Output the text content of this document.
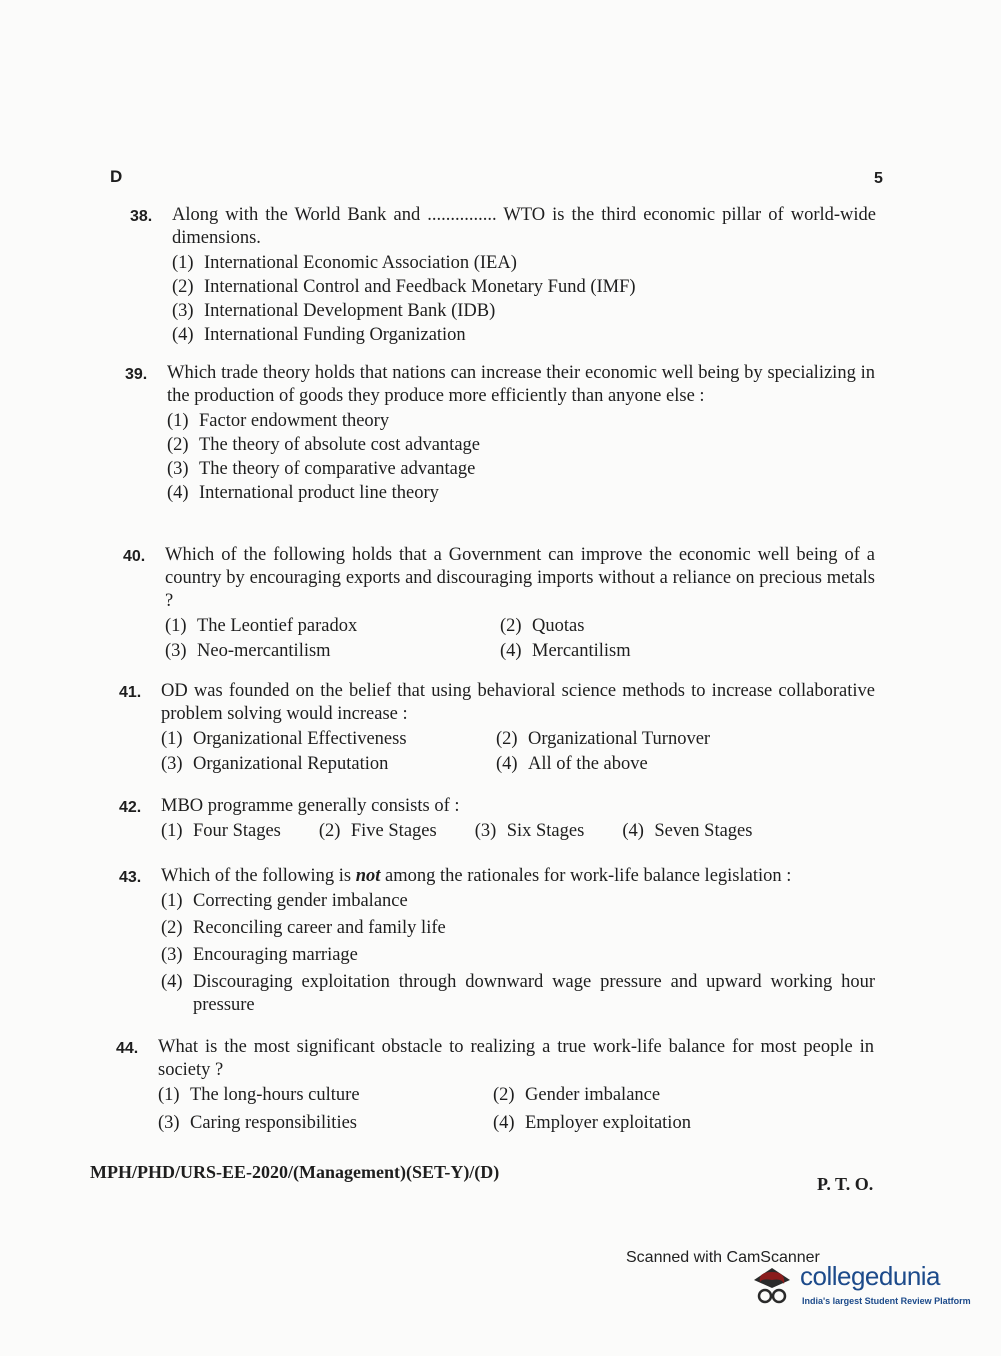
D	5
38. Along with the World Bank and ............... WTO is the third economic pillar of world-wide dimensions.
(1) International Economic Association (IEA)
(2) International Control and Feedback Monetary Fund (IMF)
(3) International Development Bank (IDB)
(4) International Funding Organization
39. Which trade theory holds that nations can increase their economic well being by specializing in the production of goods they produce more efficiently than anyone else :
(1) Factor endowment theory
(2) The theory of absolute cost advantage
(3) The theory of comparative advantage
(4) International product line theory
40. Which of the following holds that a Government can improve the economic well being of a country by encouraging exports and discouraging imports without a reliance on precious metals ?
(1) The Leontief paradox	(2) Quotas
(3) Neo-mercantilism	(4) Mercantilism
41. OD was founded on the belief that using behavioral science methods to increase collaborative problem solving would increase :
(1) Organizational Effectiveness	(2) Organizational Turnover
(3) Organizational Reputation	(4) All of the above
42. MBO programme generally consists of :
(1) Four Stages (2) Five Stages (3) Six Stages (4) Seven Stages
43. Which of the following is not among the rationales for work-life balance legislation :
(1) Correcting gender imbalance
(2) Reconciling career and family life
(3) Encouraging marriage
(4) Discouraging exploitation through downward wage pressure and upward working hour pressure
44. What is the most significant obstacle to realizing a true work-life balance for most people in society ?
(1) The long-hours culture	(2) Gender imbalance
(3) Caring responsibilities	(4) Employer exploitation
MPH/PHD/URS-EE-2020/(Management)(SET-Y)/(D)
P. T. O.
Scanned with CamScanner
collegedunia
India's largest Student Review Platform
